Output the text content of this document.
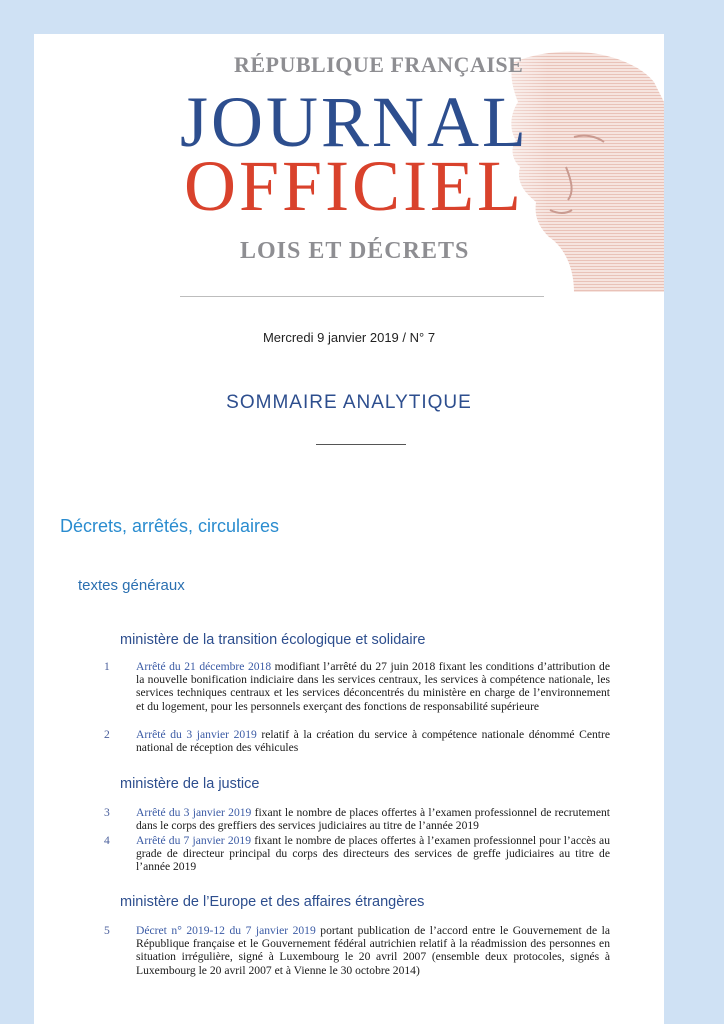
RÉPUBLIQUE FRANÇAISE
JOURNAL
OFFICIEL
LOIS ET DÉCRETS
Mercredi 9 janvier 2019 / N° 7
SOMMAIRE ANALYTIQUE
Décrets, arrêtés, circulaires
textes généraux
ministère de la transition écologique et solidaire
1	Arrêté du 21 décembre 2018 modifiant l’arrêté du 27 juin 2018 fixant les conditions d’attribution de la nouvelle bonification indiciaire dans les services centraux, les services à compétence nationale, les services techniques centraux et les services déconcentrés du ministère en charge de l’environnement et du logement, pour les personnels exerçant des fonctions de responsabilité supérieure
2	Arrêté du 3 janvier 2019 relatif à la création du service à compétence nationale dénommé Centre national de réception des véhicules
ministère de la justice
3	Arrêté du 3 janvier 2019 fixant le nombre de places offertes à l’examen professionnel de recrutement dans le corps des greffiers des services judiciaires au titre de l’année 2019
4	Arrêté du 7 janvier 2019 fixant le nombre de places offertes à l’examen professionnel pour l’accès au grade de directeur principal du corps des directeurs des services de greffe judiciaires au titre de l’année 2019
ministère de l’Europe et des affaires étrangères
5	Décret n° 2019-12 du 7 janvier 2019 portant publication de l’accord entre le Gouvernement de la République française et le Gouvernement fédéral autrichien relatif à la réadmission des personnes en situation irrégulière, signé à Luxembourg le 20 avril 2007 (ensemble deux protocoles, signés à Luxembourg le 20 avril 2007 et à Vienne le 30 octobre 2014)
